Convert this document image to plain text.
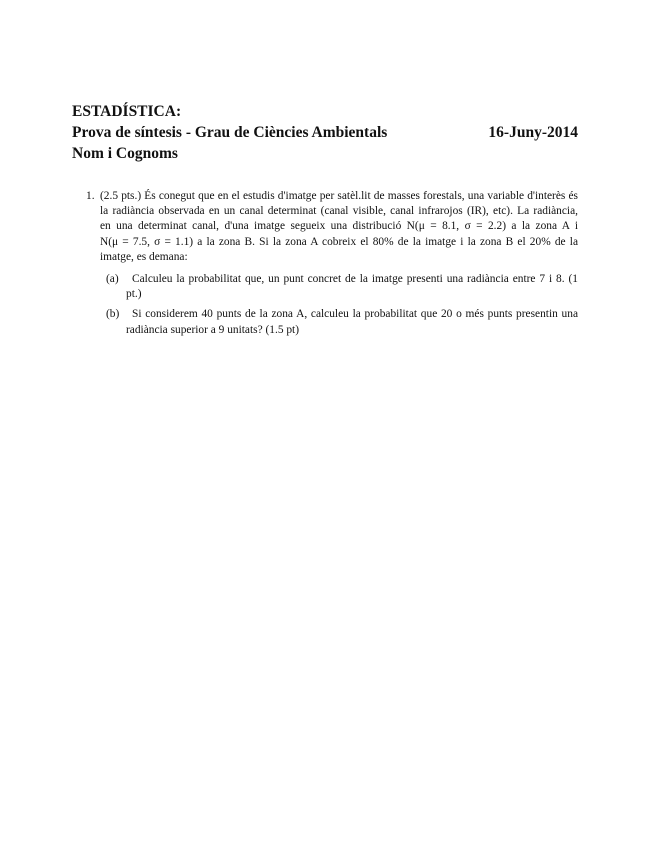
ESTADÍSTICA:
Prova de síntesis - Grau de Ciències Ambientals	16-Juny-2014
Nom i Cognoms
1. (2.5 pts.) És conegut que en el estudis d'imatge per satèl.lit de masses forestals, una variable d'interès és
la radiància observada en un canal determinat (canal visible, canal infrarojos (IR), etc). La radiància,
en una determinat canal, d'una imatge segueix una distribució N(μ = 8.1, σ = 2.2) a la zona A i
N(μ = 7.5, σ = 1.1) a la zona B. Si la zona A cobreix el 80% de la imatge i la zona B el 20% de la
imatge, es demana:
(a)	Calculeu la probabilitat que, un punt concret de la imatge presenti una radiància entre 7 i 8. (1
pt.)
(b)	Si considerem 40 punts de la zona A, calculeu la probabilitat que 20 o més punts presentin una
radiància superior a 9 unitats? (1.5 pt)
